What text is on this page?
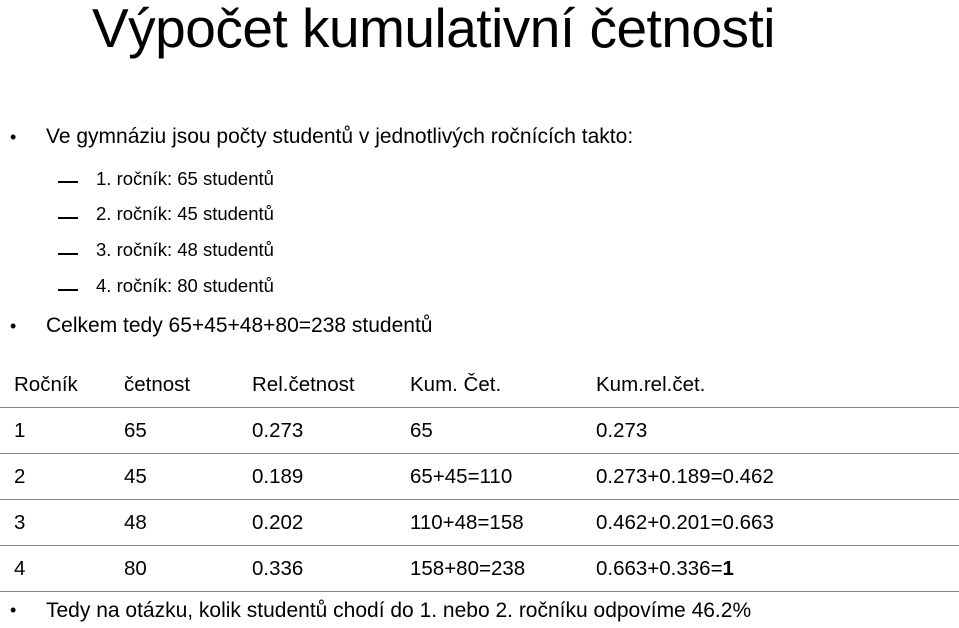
Výpočet kumulativní četnosti
• Ve gymnáziu jsou počty studentů v jednotlivých ročnících takto:
1. ročník: 65 studentů
2. ročník: 45 studentů
3. ročník: 48 studentů
4. ročník: 80 studentů
• Celkem tedy 65+45+48+80=238 studentů
Ročník	četnost	Rel.četnost	Kum. Čet.	Kum.rel.čet.
1	65	0.273	65	0.273
2	45	0.189	65+45=110	0.273+0.189=0.462
3	48	0.202	110+48=158	0.462+0.201=0.663
4	80	0.336	158+80=238	0.663+0.336=1
• Tedy na otázku, kolik studentů chodí do 1. nebo 2. ročníku odpovíme 46.2%
